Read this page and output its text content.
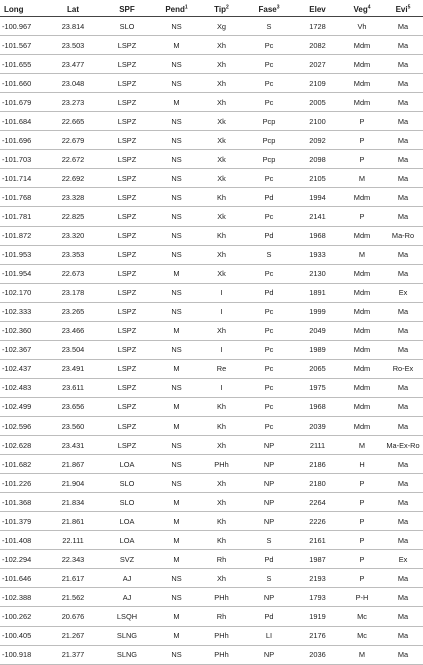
Long	Lat	SPF	Pend$^1$	Tip$^2$	Fase$^3$	Elev	Veg$^4$	Evi$^5$
-100.967	23.814	SLO	NS	Xg	S	1728	Vh	Ma
-101.567	23.503	LSPZ	M	Xh	Pc	2082	Mdm	Ma
-101.655	23.477	LSPZ	NS	Xh	Pc	2027	Mdm	Ma
-101.660	23.048	LSPZ	NS	Xh	Pc	2109	Mdm	Ma
-101.679	23.273	LSPZ	M	Xh	Pc	2005	Mdm	Ma
-101.684	22.665	LSPZ	NS	Xk	Pcp	2100	P	Ma
-101.696	22.679	LSPZ	NS	Xk	Pcp	2092	P	Ma
-101.703	22.672	LSPZ	NS	Xk	Pcp	2098	P	Ma
-101.714	22.692	LSPZ	NS	Xk	Pc	2105	M	Ma
-101.768	23.328	LSPZ	NS	Kh	Pd	1994	Mdm	Ma
-101.781	22.825	LSPZ	NS	Xk	Pc	2141	P	Ma
-101.872	23.320	LSPZ	NS	Kh	Pd	1968	Mdm	Ma-Ro
-101.953	23.353	LSPZ	NS	Xh	S	1933	M	Ma
-101.954	22.673	LSPZ	M	Xk	Pc	2130	Mdm	Ma
-102.170	23.178	LSPZ	NS	I	Pd	1891	Mdm	Ex
-102.333	23.265	LSPZ	NS	I	Pc	1999	Mdm	Ma
-102.360	23.466	LSPZ	M	Xh	Pc	2049	Mdm	Ma
-102.367	23.504	LSPZ	NS	I	Pc	1989	Mdm	Ma
-102.437	23.491	LSPZ	M	Re	Pc	2065	Mdm	Ro-Ex
-102.483	23.611	LSPZ	NS	I	Pc	1975	Mdm	Ma
-102.499	23.656	LSPZ	M	Kh	Pc	1968	Mdm	Ma
-102.596	23.560	LSPZ	M	Kh	Pc	2039	Mdm	Ma
-102.628	23.431	LSPZ	NS	Xh	NP	2111	M	Ma-Ex-Ro
-101.682	21.867	LOA	NS	PHh	NP	2186	H	Ma
-101.226	21.904	SLO	NS	Xh	NP	2180	P	Ma
-101.368	21.834	SLO	M	Xh	NP	2264	P	Ma
-101.379	21.861	LOA	M	Kh	NP	2226	P	Ma
-101.408	22.111	LOA	M	Kh	S	2161	P	Ma
-102.294	22.343	SVZ	M	Rh	Pd	1987	P	Ex
-101.646	21.617	AJ	NS	Xh	S	2193	P	Ma
-102.388	21.562	AJ	NS	PHh	NP	1793	P-H	Ma
-100.262	20.676	LSQH	M	Rh	Pd	1919	Mc	Ma
-100.405	21.267	SLNG	M	PHh	LI	2176	Mc	Ma
-100.918	21.377	SLNG	NS	PHh	NP	2036	M	Ma
